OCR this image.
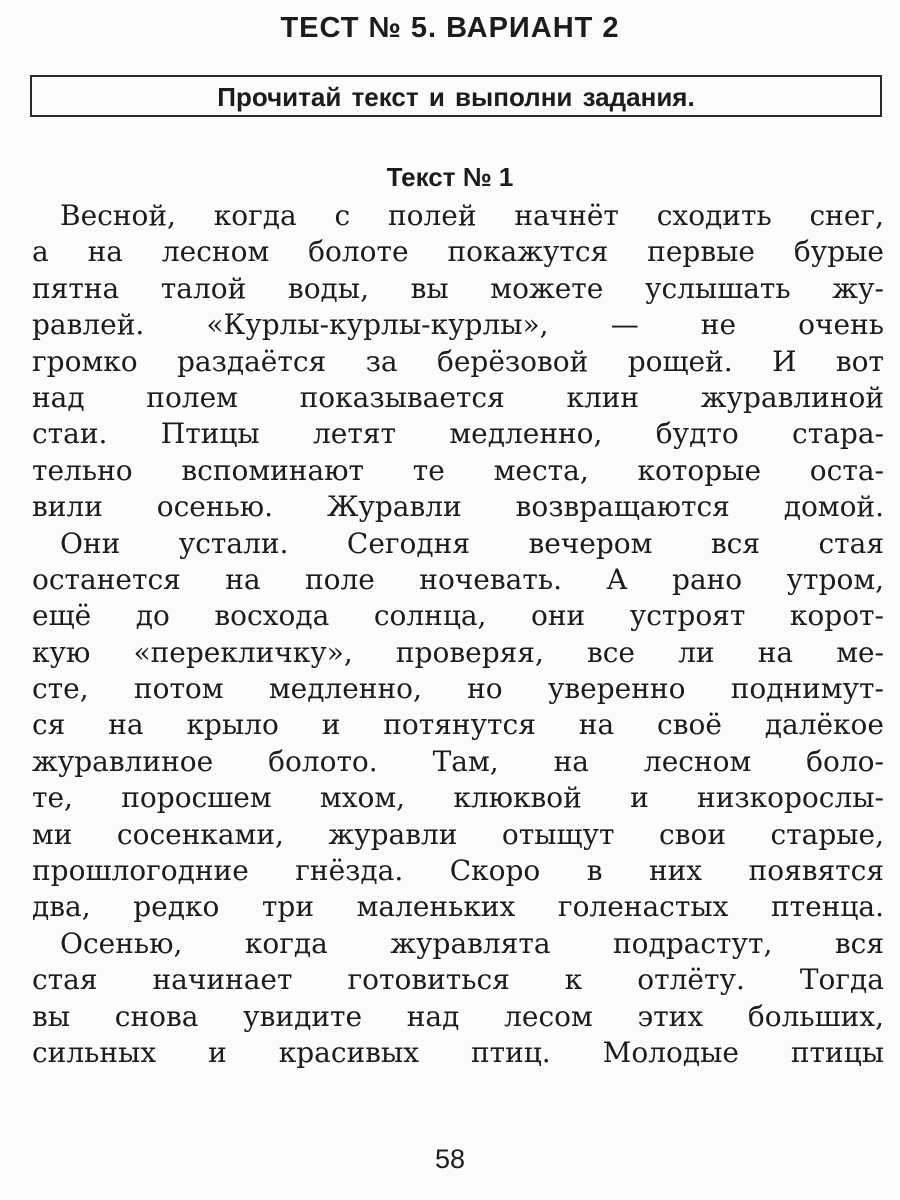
ТЕСТ № 5. ВАРИАНТ 2
Прочитай текст и выполни задания.
Текст № 1
Весной, когда с полей начнёт сходить снег,
а на лесном болоте покажутся первые бурые
пятна талой воды, вы можете услышать жу-
равлей. «Курлы-курлы-курлы», — не очень
громко раздаётся за берёзовой рощей. И вот
над полем показывается клин журавлиной
стаи. Птицы летят медленно, будто стара-
тельно вспоминают те места, которые оста-
вили осенью. Журавли возвращаются домой.
Они устали. Сегодня вечером вся стая
останется на поле ночевать. А рано утром,
ещё до восхода солнца, они устроят корот-
кую «перекличку», проверяя, все ли на ме-
сте, потом медленно, но уверенно поднимут-
ся на крыло и потянутся на своё далёкое
журавлиное болото. Там, на лесном боло-
те, поросшем мхом, клюквой и низкорослы-
ми сосенками, журавли отыщут свои старые,
прошлогодние гнёзда. Скоро в них появятся
два, редко три маленьких голенастых птенца.
Осенью, когда журавлята подрастут, вся
стая начинает готовиться к отлёту. Тогда
вы снова увидите над лесом этих больших,
сильных и красивых птиц. Молодые птицы
58
